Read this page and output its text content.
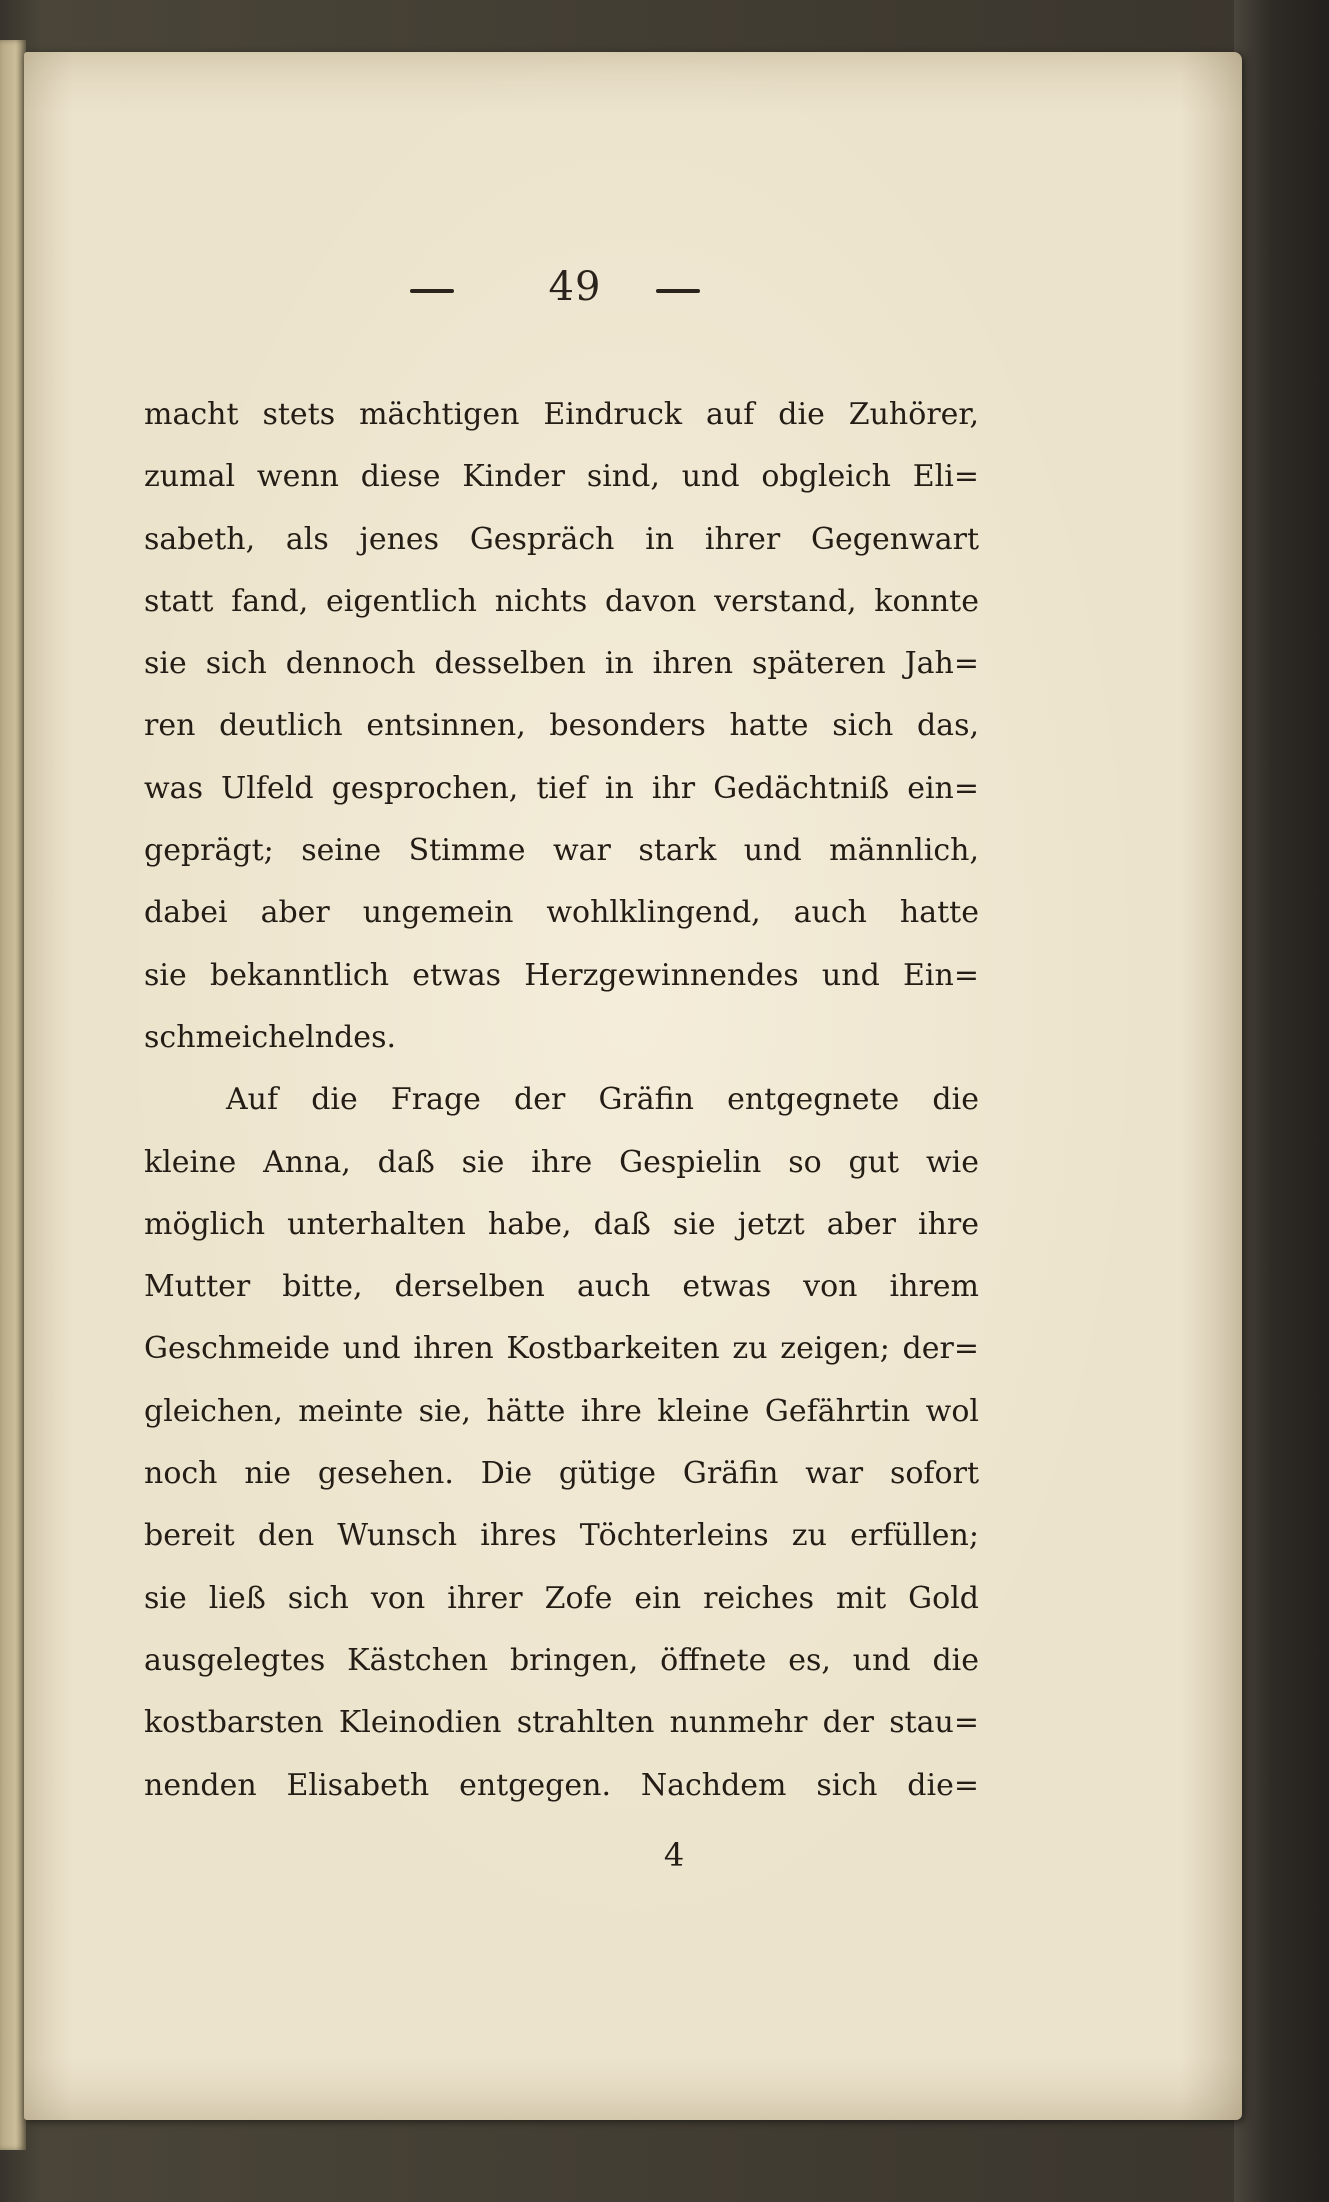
49
macht stets mächtigen Eindruck auf die Zuhörer,
zumal wenn diese Kinder sind, und obgleich Eli=
sabeth, als jenes Gespräch in ihrer Gegenwart
statt fand, eigentlich nichts davon verstand, konnte
sie sich dennoch desselben in ihren späteren Jah=
ren deutlich entsinnen, besonders hatte sich das,
was Ulfeld gesprochen, tief in ihr Gedächtniß ein=
geprägt; seine Stimme war stark und männlich,
dabei aber ungemein wohlklingend, auch hatte
sie bekanntlich etwas Herzgewinnendes und Ein=
schmeichelndes.
Auf die Frage der Gräfin entgegnete die
kleine Anna, daß sie ihre Gespielin so gut wie
möglich unterhalten habe, daß sie jetzt aber ihre
Mutter bitte, derselben auch etwas von ihrem
Geschmeide und ihren Kostbarkeiten zu zeigen; der=
gleichen, meinte sie, hätte ihre kleine Gefährtin wol
noch nie gesehen. Die gütige Gräfin war sofort
bereit den Wunsch ihres Töchterleins zu erfüllen;
sie ließ sich von ihrer Zofe ein reiches mit Gold
ausgelegtes Kästchen bringen, öffnete es, und die
kostbarsten Kleinodien strahlten nunmehr der stau=
nenden Elisabeth entgegen. Nachdem sich die=
4
